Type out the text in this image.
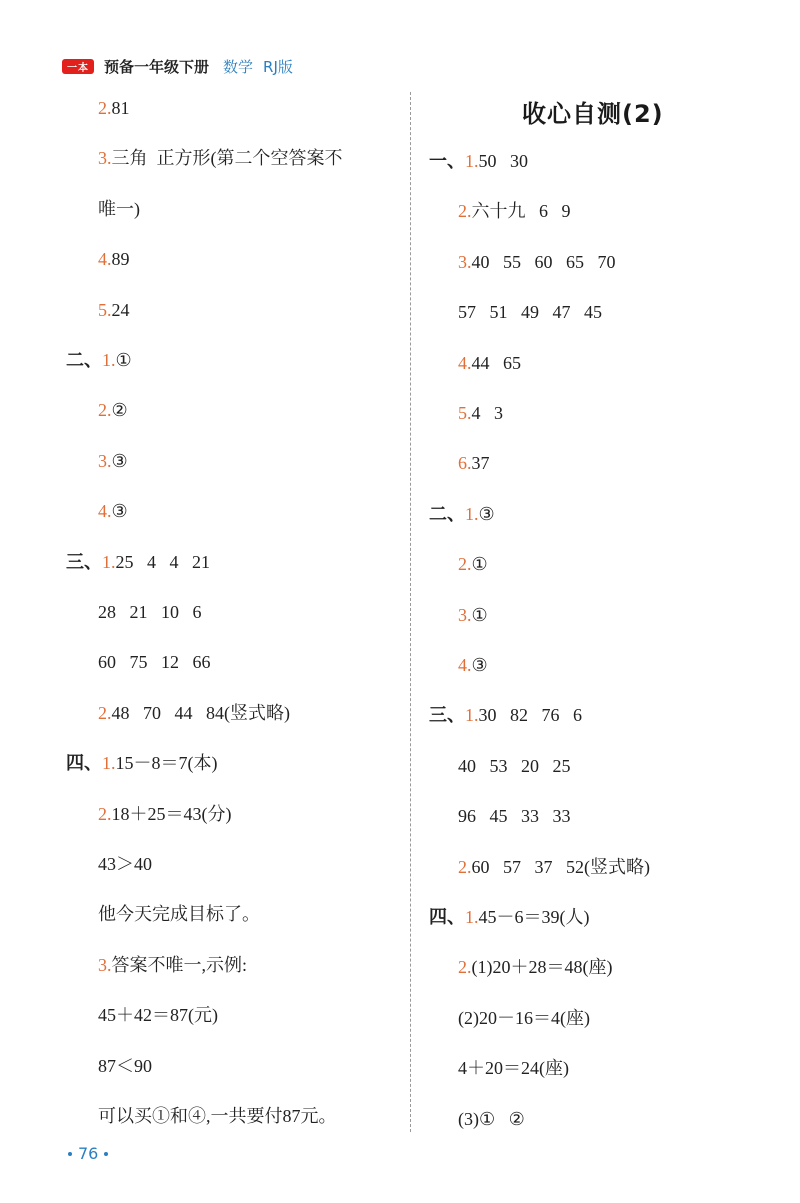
一本	预备一年级下册 数学 RJ版
收心自测(2)
2.81
3.三角  正方形(第二个空答案不
唯一)
4.89
5.24
二、1.①
2.②
3.③
4.③
三、1.25   4   4   21
28   21   10   6
60   75   12   66
2.48   70   44   84(竖式略)
四、1.15－8＝7(本)
2.18＋25＝43(分)
43＞40
他今天完成目标了。
3.答案不唯一,示例:
45＋42＝87(元)
87＜90
可以买①和④,一共要付87元。
一、1.50   30
2.六十九   6   9
3.40   55   60   65   70
57   51   49   47   45
4.44   65
5.4   3
6.37
二、1.③
2.①
3.①
4.③
三、1.30   82   76   6
40   53   20   25
96   45   33   33
2.60   57   37   52(竖式略)
四、1.45－6＝39(人)
2.(1)20＋28＝48(座)
(2)20－16＝4(座)
4＋20＝24(座)
(3)①   ②
76
